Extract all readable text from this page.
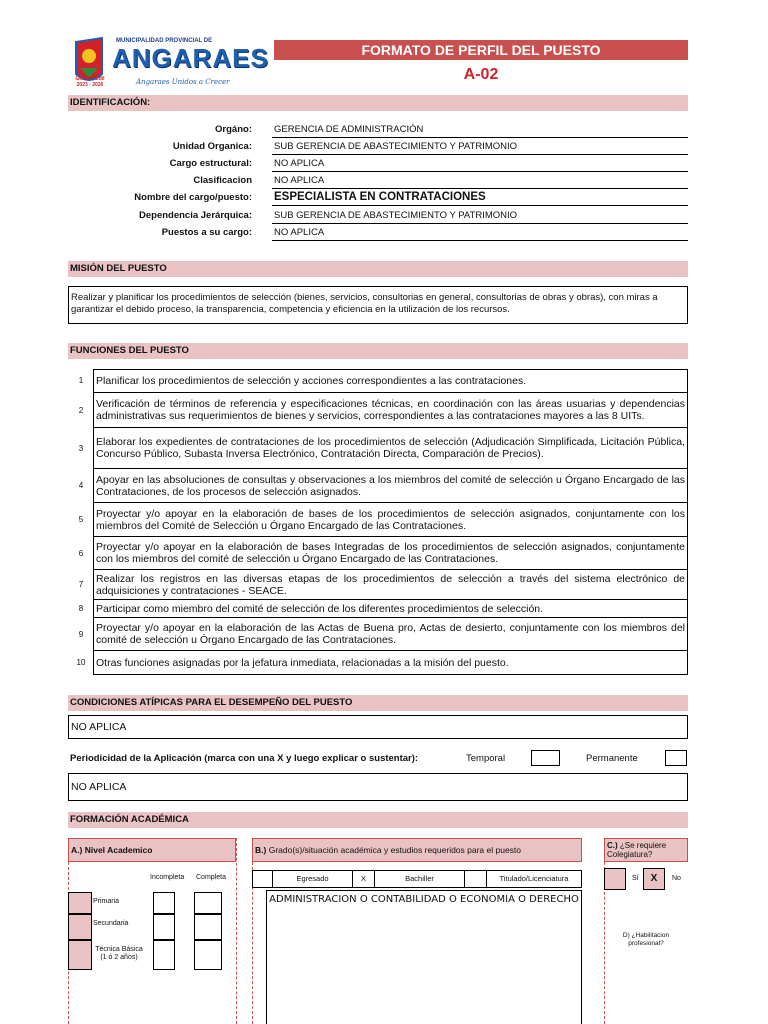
MUNICIPALIDAD PROVINCIAL DE
ANGARAES
Gestion Edil 2023 - 2026	Angaraes Unidos a Crecer
FORMATO DE PERFIL DEL PUESTO
A-02
IDENTIFICACIÓN:
Orgáno: GERENCIA DE ADMINISTRACIÓN
Unidad Organica: SUB GERENCIA DE ABASTECIMIENTO Y PATRIMONIO
Cargo estructural: NO APLICA
Clasificacion NO APLICA
Nombre del cargo/puesto: ESPECIALISTA EN CONTRATACIONES
Dependencia Jerárquica: SUB GERENCIA DE ABASTECIMIENTO Y PATRIMONIO
Puestos a su cargo: NO APLICA
MISIÓN DEL PUESTO
Realizar y planificar los procedimientos de selección (bienes, servicios, consultorias en general, consultorias de obras y obras), con miras a garantizar el debido proceso, la transparencia, competencia y eficiencia en la utilización de los recursos.
FUNCIONES DEL PUESTO
1	Planificar los procedimientos de selección y acciones correspondientes a las contrataciones.
2	Verificación de términos de referencia y especificaciones técnicas, en coordinación con las áreas usuarias y dependencias administrativas sus requerimientos de bienes y servicios, correspondientes a las contrataciones mayores a las 8 UITs.
3	Elaborar los expedientes de contrataciones de los procedimientos de selección (Adjudicación Simplificada, Licitación Pública, Concurso Público, Subasta Inversa Electrónico, Contratación Directa, Comparación de Precios).
4	Apoyar en las absoluciones de consultas y observaciones a los miembros del comité de selección u Órgano Encargado de las Contrataciones, de los procesos de selección asignados.
5	Proyectar y/o apoyar en la elaboración de bases de los procedimientos de selección asignados, conjuntamente con los miembros del Comité de Selección u Órgano Encargado de las Contrataciones.
6	Proyectar y/o apoyar en la elaboración de bases Integradas de los procedimientos de selección asignados, conjuntamente con los miembros del comité de selección u Órgano Encargado de las Contrataciones.
7	Realizar los registros en las diversas etapas de los procedimientos de selección a través del sistema electrónico de adquisiciones y contrataciones - SEACE.
8	Participar como miembro del comité de selección de los diferentes procedimientos de selección.
9	Proyectar y/o apoyar en la elaboración de las Actas de Buena pro, Actas de desierto, conjuntamente con los miembros del comité de selección u Órgano Encargado de las Contrataciones.
10	Otras funciones asignadas por la jefatura inmediata, relacionadas a la misión del puesto.
CONDICIONES ATÍPICAS PARA EL DESEMPEÑO DEL PUESTO
NO APLICA
Periodicidad de la Aplicación (marca con una X y luego explicar o sustentar):	Temporal	Permanente
NO APLICA
FORMACIÓN ACADÉMICA
A.) Nivel Academico	B.) Grado(s)/situación académica y estudios requeridos para el puesto	C.) ¿Se requiere Colegiatura?
Incompleta Completa
Primaria
Secundaria
Técnica Básica (1 ó 2 años)
Egresado	X	Bachiller	Titulado/Licenciatura
ADMINISTRACION O CONTABILIDAD O ECONOMIA O DERECHO
Sí	X	No
D) ¿Habilitacion profesional?
